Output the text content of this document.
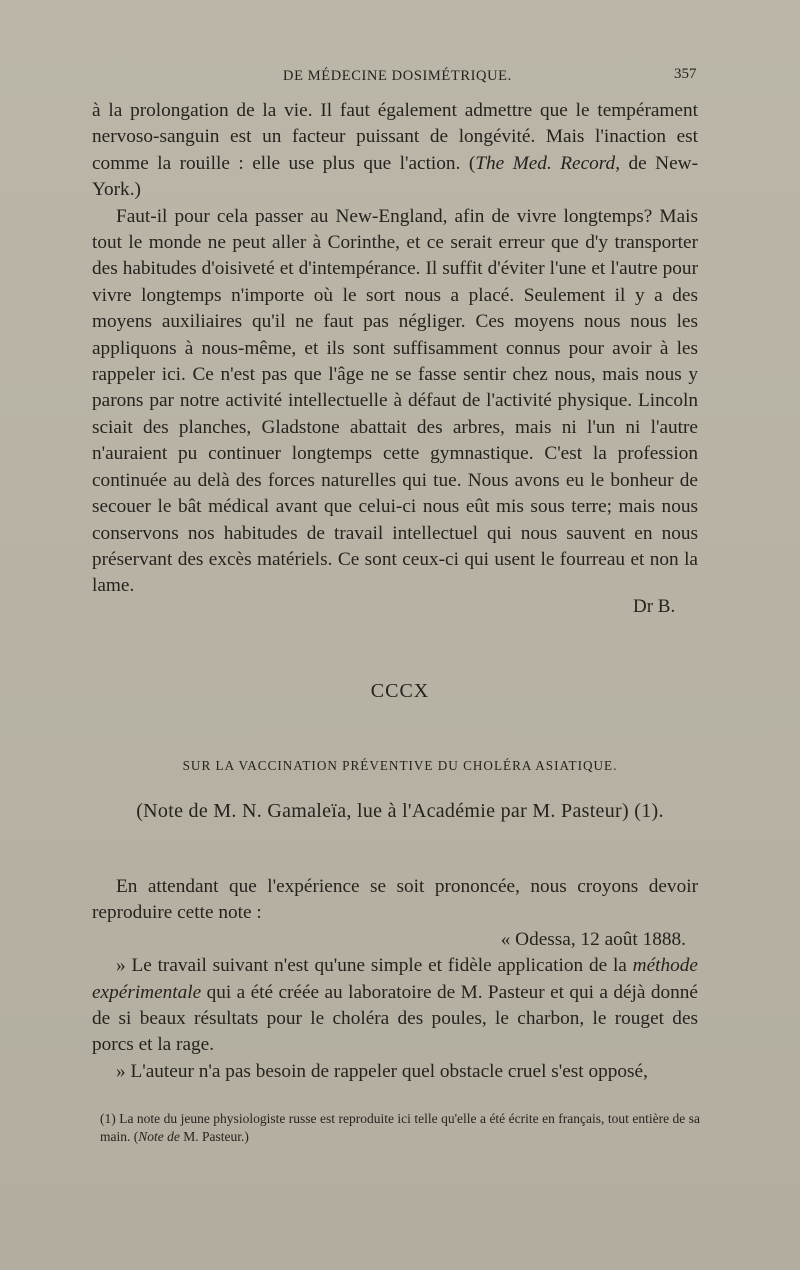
DE MÉDECINE DOSIMÉTRIQUE.	357

à la prolongation de la vie. Il faut également admettre que le tempérament nervoso-sanguin est un facteur puissant de longévité. Mais l'inaction est comme la rouille : elle use plus que l'action. (The Med. Record, de New-York.)

Faut-il pour cela passer au New-England, afin de vivre longtemps? Mais tout le monde ne peut aller à Corinthe, et ce serait erreur que d'y transporter des habitudes d'oisiveté et d'intempérance. Il suffit d'éviter l'une et l'autre pour vivre longtemps n'importe où le sort nous a placé. Seulement il y a des moyens auxiliaires qu'il ne faut pas négliger. Ces moyens nous nous les appliquons à nous-même, et ils sont suffisamment connus pour avoir à les rappeler ici. Ce n'est pas que l'âge ne se fasse sentir chez nous, mais nous y parons par notre activité intellectuelle à défaut de l'activité physique. Lincoln sciait des planches, Gladstone abattait des arbres, mais ni l'un ni l'autre n'auraient pu continuer longtemps cette gymnastique. C'est la profession continuée au delà des forces naturelles qui tue. Nous avons eu le bonheur de secouer le bât médical avant que celui-ci nous eût mis sous terre; mais nous conservons nos habitudes de travail intellectuel qui nous sauvent en nous préservant des excès matériels. Ce sont ceux-ci qui usent le fourreau et non la lame.

Dr B.
CCCX
SUR LA VACCINATION PRÉVENTIVE DU CHOLÉRA ASIATIQUE.
(Note de M. N. Gamaleïa, lue à l'Académie par M. Pasteur) (1).

En attendant que l'expérience se soit prononcée, nous croyons devoir reproduire cette note :

« Odessa, 12 août 1888.

» Le travail suivant n'est qu'une simple et fidèle application de la méthode expérimentale qui a été créée au laboratoire de M. Pasteur et qui a déjà donné de si beaux résultats pour le choléra des poules, le charbon, le rouget des porcs et la rage.

» L'auteur n'a pas besoin de rappeler quel obstacle cruel s'est opposé,

(1) La note du jeune physiologiste russe est reproduite ici telle qu'elle a été écrite en français, tout entière de sa main. (Note de M. Pasteur.)
